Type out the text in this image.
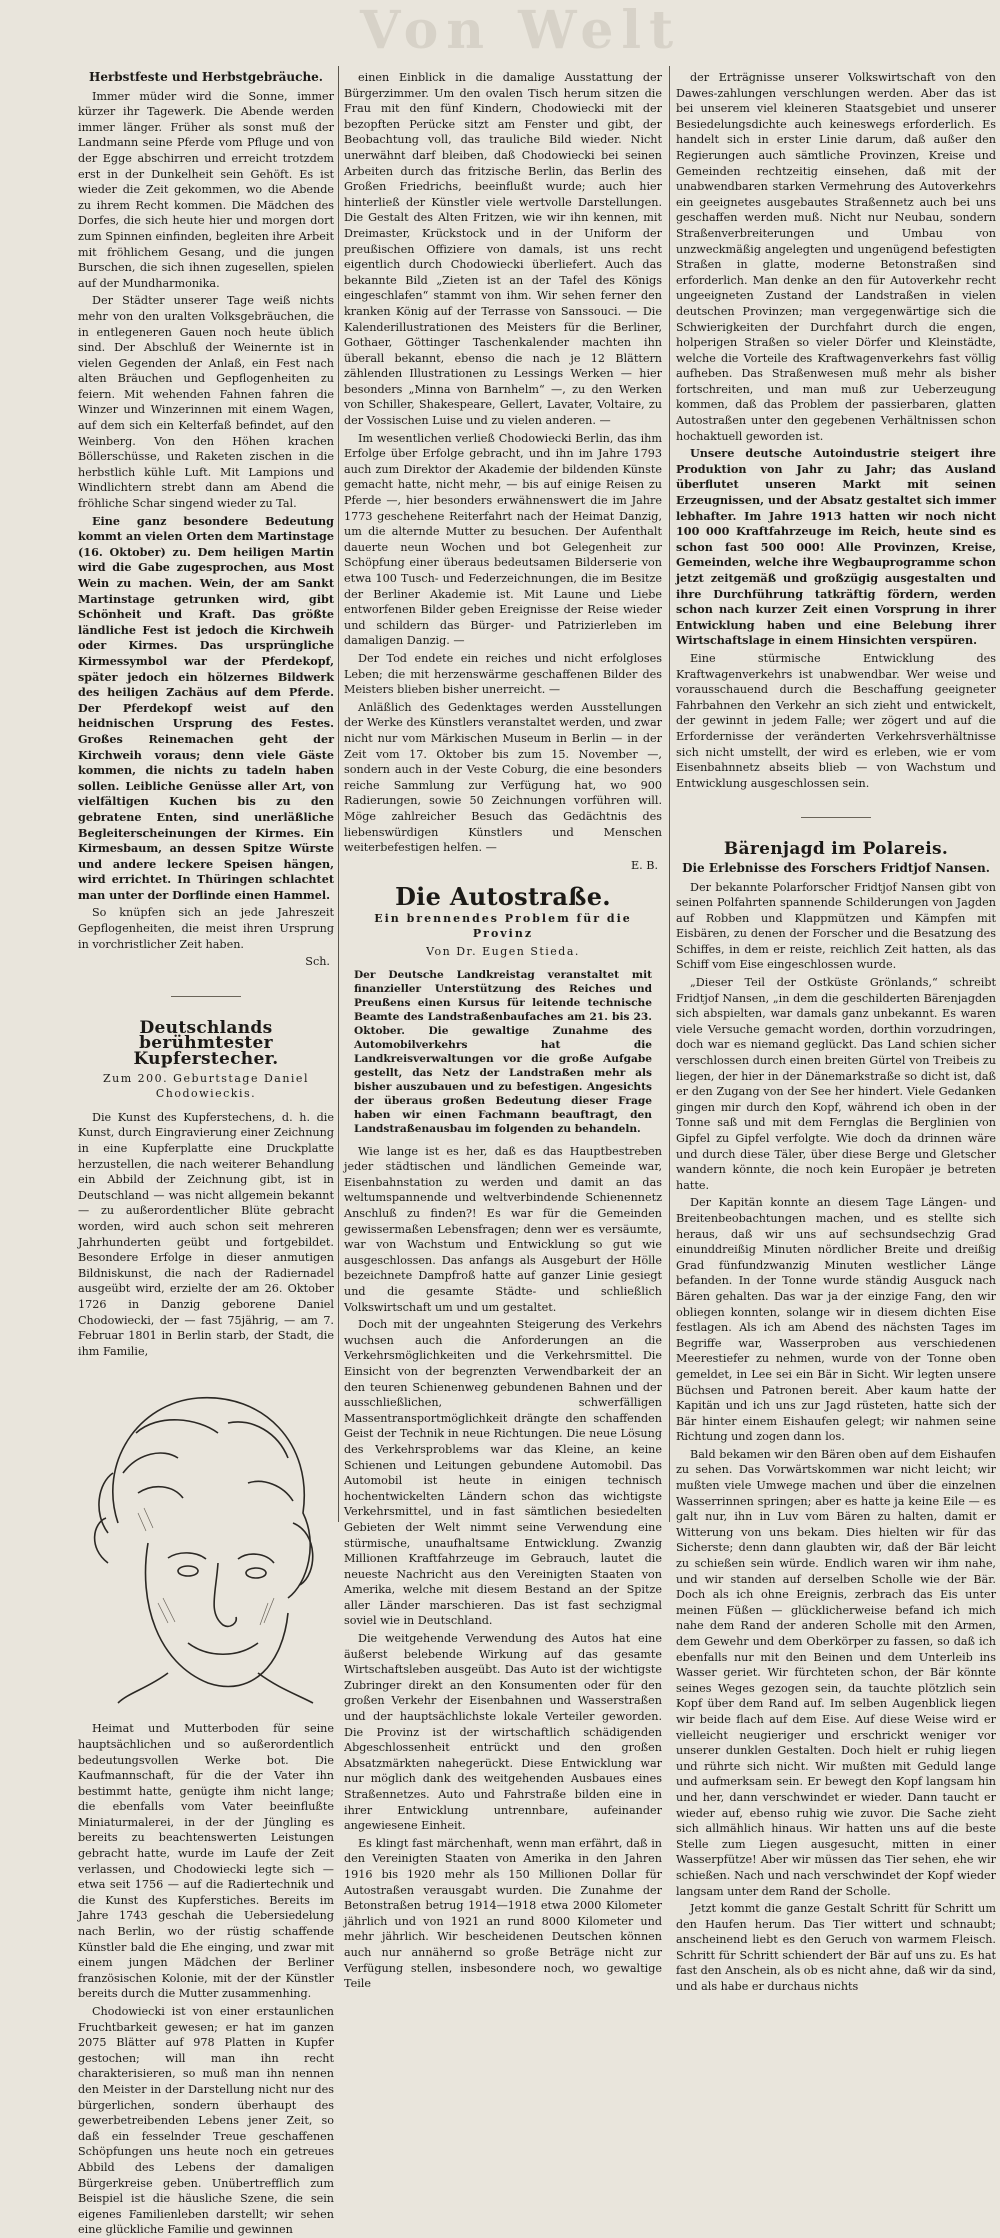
Von Welt
Herbstfeste und Herbstgebräuche.

Immer müder wird die Sonne, immer kürzer ihr Tagewerk. Die Abende werden immer länger. Früher als sonst muß der Landmann seine Pferde vom Pfluge und von der Egge abschirren und erreicht trotzdem erst in der Dunkelheit sein Gehöft. Es ist wieder die Zeit gekommen, wo die Abende zu ihrem Recht kommen. Die Mädchen des Dorfes, die sich heute hier und morgen dort zum Spinnen einfinden, begleiten ihre Arbeit mit fröhlichem Gesang, und die jungen Burschen, die sich ihnen zugesellen, spielen auf der Mundharmonika.

Der Städter unserer Tage weiß nichts mehr von den uralten Volksgebräuchen, die in entlegeneren Gauen noch heute üblich sind. Der Abschluß der Weinernte ist in vielen Gegenden der Anlaß, ein Fest nach alten Bräuchen und Gepflogenheiten zu feiern. Mit wehenden Fahnen fahren die Winzer und Winzerinnen mit einem Wagen, auf dem sich ein Kelterfaß befindet, auf den Weinberg. Von den Höhen krachen Böllerschüsse, und Raketen zischen in die herbstlich kühle Luft. Mit Lampions und Windlichtern strebt dann am Abend die fröhliche Schar singend wieder zu Tal.

Eine ganz besondere Bedeutung kommt an vielen Orten dem Martinstage (16. Oktober) zu. Dem heiligen Martin wird die Gabe zugesprochen, aus Most Wein zu machen. Wein, der am Sankt Martinstage getrunken wird, gibt Schönheit und Kraft. Das größte ländliche Fest ist jedoch die Kirchweih oder Kirmes. Das ursprüngliche Kirmessymbol war der Pferdekopf, später jedoch ein hölzernes Bildwerk des heiligen Zachäus auf dem Pferde. Der Pferdekopf weist auf den heidnischen Ursprung des Festes. Großes Reinemachen geht der Kirchweih voraus; denn viele Gäste kommen, die nichts zu tadeln haben sollen. Leibliche Genüsse aller Art, von vielfältigen Kuchen bis zu den gebratene Enten, sind unerläßliche Begleiterscheinungen der Kirmes. Ein Kirmesbaum, an dessen Spitze Würste und andere leckere Speisen hängen, wird errichtet. In Thüringen schlachtet man unter der Dorflinde einen Hammel.

So knüpfen sich an jede Jahreszeit Gepflogenheiten, die meist ihren Ursprung in vorchristlicher Zeit haben.

Sch.
Deutschlands berühmtester Kupferstecher.
Zum 200. Geburtstage Daniel Chodowieckis.

Die Kunst des Kupferstechens, d. h. die Kunst, durch Eingravierung einer Zeichnung in eine Kupferplatte eine Druckplatte herzustellen, die nach weiterer Behandlung ein Abbild der Zeichnung gibt, ist in Deutschland — was nicht allgemein bekannt — zu außerordentlicher Blüte gebracht worden, wird auch schon seit mehreren Jahrhunderten geübt und fortgebildet. Besondere Erfolge in dieser anmutigen Bildniskunst, die nach der Radiernadel ausgeübt wird, erzielte der am 26. Oktober 1726 in Danzig geborene Daniel Chodowiecki, der — fast 75jährig, — am 7. Februar 1801 in Berlin starb, der Stadt, die ihm Familie,

Heimat und Mutterboden für seine hauptsächlichen und so außerordentlich bedeutungsvollen Werke bot. Die Kaufmannschaft, für die der Vater ihn bestimmt hatte, genügte ihm nicht lange; die ebenfalls vom Vater beeinflußte Miniaturmalerei, in der der Jüngling es bereits zu beachtenswerten Leistungen gebracht hatte, wurde im Laufe der Zeit verlassen, und Chodowiecki legte sich — etwa seit 1756 — auf die Radiertechnik und die Kunst des Kupferstiches. Bereits im Jahre 1743 geschah die Uebersiedelung nach Berlin, wo der rüstig schaffende Künstler bald die Ehe einging, und zwar mit einem jungen Mädchen der Berliner französischen Kolonie, mit der der Künstler bereits durch die Mutter zusammenhing.

Chodowiecki ist von einer erstaunlichen Fruchtbarkeit gewesen; er hat im ganzen 2075 Blätter auf 978 Platten in Kupfer gestochen; will man ihn recht charakterisieren, so muß man ihn nennen den Meister in der Darstellung nicht nur des bürgerlichen, sondern überhaupt des gewerbetreibenden Lebens jener Zeit, so daß ein fesselnder Treue geschaffenen Schöpfungen uns heute noch ein getreues Abbild des Lebens der damaligen Bürgerkreise geben. Unübertrefflich zum Beispiel ist die häusliche Szene, die sein eigenes Familienleben darstellt; wir sehen eine glückliche Familie und gewinnen

einen Einblick in die damalige Ausstattung der Bürgerzimmer. Um den ovalen Tisch herum sitzen die Frau mit den fünf Kindern, Chodowiecki mit der bezopften Perücke sitzt am Fenster und gibt, der Beobachtung voll, das trauliche Bild wieder. Nicht unerwähnt darf bleiben, daß Chodowiecki bei seinen Arbeiten durch das fritzische Berlin, das Berlin des Großen Friedrichs, beeinflußt wurde; auch hier hinterließ der Künstler viele wertvolle Darstellungen. Die Gestalt des Alten Fritzen, wie wir ihn kennen, mit Dreimaster, Krückstock und in der Uniform der preußischen Offiziere von damals, ist uns recht eigentlich durch Chodowiecki überliefert. Auch das bekannte Bild „Zieten ist an der Tafel des Königs eingeschlafen“ stammt von ihm. Wir sehen ferner den kranken König auf der Terrasse von Sanssouci. — Die Kalenderillustrationen des Meisters für die Berliner, Gothaer, Göttinger Taschenkalender machten ihn überall bekannt, ebenso die nach je 12 Blättern zählenden Illustrationen zu Lessings Werken — hier besonders „Minna von Barnhelm“ —, zu den Werken von Schiller, Shakespeare, Gellert, Lavater, Voltaire, zu der Vossischen Luise und zu vielen anderen. —

Im wesentlichen verließ Chodowiecki Berlin, das ihm Erfolge über Erfolge gebracht, und ihn im Jahre 1793 auch zum Direktor der Akademie der bildenden Künste gemacht hatte, nicht mehr, — bis auf einige Reisen zu Pferde —, hier besonders erwähnenswert die im Jahre 1773 geschehene Reiterfahrt nach der Heimat Danzig, um die alternde Mutter zu besuchen. Der Aufenthalt dauerte neun Wochen und bot Gelegenheit zur Schöpfung einer überaus bedeutsamen Bilderserie von etwa 100 Tusch- und Federzeichnungen, die im Besitze der Berliner Akademie ist. Mit Laune und Liebe entworfenen Bilder geben Ereignisse der Reise wieder und schildern das Bürger- und Patrizierleben im damaligen Danzig. —

Der Tod endete ein reiches und nicht erfolgloses Leben; die mit herzenswärme geschaffenen Bilder des Meisters blieben bisher unerreicht. —

Anläßlich des Gedenktages werden Ausstellungen der Werke des Künstlers veranstaltet werden, und zwar nicht nur vom Märkischen Museum in Berlin — in der Zeit vom 17. Oktober bis zum 15. November —, sondern auch in der Veste Coburg, die eine besonders reiche Sammlung zur Verfügung hat, wo 900 Radierungen, sowie 50 Zeichnungen vorführen will. Möge zahlreicher Besuch das Gedächtnis des liebenswürdigen Künstlers und Menschen weiterbefestigen helfen. —

E. B.
Die Autostraße.
Ein brennendes Problem für die Provinz
Von Dr. Eugen Stieda.
Der Deutsche Landkreistag veranstaltet mit finanzieller Unterstützung des Reiches und Preußens einen Kursus für leitende technische Beamte des Landstraßenbaufaches am 21. bis 23. Oktober. Die gewaltige Zunahme des Automobilverkehrs hat die Landkreisverwaltungen vor die große Aufgabe gestellt, das Netz der Landstraßen mehr als bisher auszubauen und zu befestigen. Angesichts der überaus großen Bedeutung dieser Frage haben wir einen Fachmann beauftragt, den Landstraßenausbau im folgenden zu behandeln.

Wie lange ist es her, daß es das Hauptbestreben jeder städtischen und ländlichen Gemeinde war, Eisenbahnstation zu werden und damit an das weltumspannende und weltverbindende Schienennetz Anschluß zu finden?! Es war für die Gemeinden gewissermaßen Lebensfragen; denn wer es versäumte, war von Wachstum und Entwicklung so gut wie ausgeschlossen. Das anfangs als Ausgeburt der Hölle bezeichnete Dampfroß hatte auf ganzer Linie gesiegt und die gesamte Städte- und schließlich Volkswirtschaft um und um gestaltet.

Doch mit der ungeahnten Steigerung des Verkehrs wuchsen auch die Anforderungen an die Verkehrsmöglichkeiten und die Verkehrsmittel. Die Einsicht von der begrenzten Verwendbarkeit der an den teuren Schienenweg gebundenen Bahnen und der ausschließlichen, schwerfälligen Massentransportmöglichkeit drängte den schaffenden Geist der Technik in neue Richtungen. Die neue Lösung des Verkehrsproblems war das Kleine, an keine Schienen und Leitungen gebundene Automobil. Das Automobil ist heute in einigen technisch hochentwickelten Ländern schon das wichtigste Verkehrsmittel, und in fast sämtlichen besiedelten Gebieten der Welt nimmt seine Verwendung eine stürmische, unaufhaltsame Entwicklung. Zwanzig Millionen Kraftfahrzeuge im Gebrauch, lautet die neueste Nachricht aus den Vereinigten Staaten von Amerika, welche mit diesem Bestand an der Spitze aller Länder marschieren. Das ist fast sechzigmal soviel wie in Deutschland.

Die weitgehende Verwendung des Autos hat eine äußerst belebende Wirkung auf das gesamte Wirtschaftsleben ausgeübt. Das Auto ist der wichtigste Zubringer direkt an den Konsumenten oder für den großen Verkehr der Eisenbahnen und Wasserstraßen und der hauptsächlichste lokale Verteiler geworden. Die Provinz ist der wirtschaftlich schädigenden Abgeschlossenheit entrückt und den großen Absatzmärkten nahegerückt. Diese Entwicklung war nur möglich dank des weitgehenden Ausbaues eines Straßennetzes. Auto und Fahrstraße bilden eine in ihrer Entwicklung untrennbare, aufeinander angewiesene Einheit.

Es klingt fast märchenhaft, wenn man erfährt, daß in den Vereinigten Staaten von Amerika in den Jahren 1916 bis 1920 mehr als 150 Millionen Dollar für Autostraßen verausgabt wurden. Die Zunahme der Betonstraßen betrug 1914—1918 etwa 2000 Kilometer jährlich und von 1921 an rund 8000 Kilometer und mehr jährlich. Wir bescheidenen Deutschen können auch nur annähernd so große Beträge nicht zur Verfügung stellen, insbesondere noch, wo gewaltige Teile

der Erträgnisse unserer Volkswirtschaft von den Dawes-zahlungen verschlungen werden. Aber das ist bei unserem viel kleineren Staatsgebiet und unserer Besiedelungsdichte auch keineswegs erforderlich. Es handelt sich in erster Linie darum, daß außer den Regierungen auch sämtliche Provinzen, Kreise und Gemeinden rechtzeitig einsehen, daß mit der unabwendbaren starken Vermehrung des Autoverkehrs ein geeignetes ausgebautes Straßennetz auch bei uns geschaffen werden muß. Nicht nur Neubau, sondern Straßenverbreiterungen und Umbau von unzweckmäßig angelegten und ungenügend befestigten Straßen in glatte, moderne Betonstraßen sind erforderlich. Man denke an den für Autoverkehr recht ungeeigneten Zustand der Landstraßen in vielen deutschen Provinzen; man vergegenwärtige sich die Schwierigkeiten der Durchfahrt durch die engen, holperigen Straßen so vieler Dörfer und Kleinstädte, welche die Vorteile des Kraftwagenverkehrs fast völlig aufheben. Das Straßenwesen muß mehr als bisher fortschreiten, und man muß zur Ueberzeugung kommen, daß das Problem der passierbaren, glatten Autostraßen unter den gegebenen Verhältnissen schon hochaktuell geworden ist.

Unsere deutsche Autoindustrie steigert ihre Produktion von Jahr zu Jahr; das Ausland überflutet unseren Markt mit seinen Erzeugnissen, und der Absatz gestaltet sich immer lebhafter. Im Jahre 1913 hatten wir noch nicht 100 000 Kraftfahrzeuge im Reich, heute sind es schon fast 500 000! Alle Provinzen, Kreise, Gemeinden, welche ihre Wegbauprogramme schon jetzt zeitgemäß und großzügig ausgestalten und ihre Durchführung tatkräftig fördern, werden schon nach kurzer Zeit einen Vorsprung in ihrer Entwicklung haben und eine Belebung ihrer Wirtschaftslage in einem Hinsichten verspüren.

Eine stürmische Entwicklung des Kraftwagenverkehrs ist unabwendbar. Wer weise und vorausschauend durch die Beschaffung geeigneter Fahrbahnen den Verkehr an sich zieht und entwickelt, der gewinnt in jedem Falle; wer zögert und auf die Erfordernisse der veränderten Verkehrsverhältnisse sich nicht umstellt, der wird es erleben, wie er vom Eisenbahnnetz abseits blieb — von Wachstum und Entwicklung ausgeschlossen sein.

Bärenjagd im Polareis.
Die Erlebnisse des Forschers Fridtjof Nansen.

Der bekannte Polarforscher Fridtjof Nansen gibt von seinen Polfahrten spannende Schilderungen von Jagden auf Robben und Klappmützen und Kämpfen mit Eisbären, zu denen der Forscher und die Besatzung des Schiffes, in dem er reiste, reichlich Zeit hatten, als das Schiff vom Eise eingeschlossen wurde.

„Dieser Teil der Ostküste Grönlands,“ schreibt Fridtjof Nansen, „in dem die geschilderten Bärenjagden sich abspielten, war damals ganz unbekannt. Es waren viele Versuche gemacht worden, dorthin vorzudringen, doch war es niemand geglückt. Das Land schien sicher verschlossen durch einen breiten Gürtel von Treibeis zu liegen, der hier in der Dänemarkstraße so dicht ist, daß er den Zugang von der See her hindert. Viele Gedanken gingen mir durch den Kopf, während ich oben in der Tonne saß und mit dem Fernglas die Berglinien von Gipfel zu Gipfel verfolgte. Wie doch da drinnen wäre und durch diese Täler, über diese Berge und Gletscher wandern könnte, die noch kein Europäer je betreten hatte.

Der Kapitän konnte an diesem Tage Längen- und Breitenbeobachtungen machen, und es stellte sich heraus, daß wir uns auf sechsundsechzig Grad einunddreißig Minuten nördlicher Breite und dreißig Grad fünfundzwanzig Minuten westlicher Länge befanden. In der Tonne wurde ständig Ausguck nach Bären gehalten. Das war ja der einzige Fang, den wir obliegen konnten, solange wir in diesem dichten Eise festlagen. Als ich am Abend des nächsten Tages im Begriffe war, Wasserproben aus verschiedenen Meerestiefer zu nehmen, wurde von der Tonne oben gemeldet, in Lee sei ein Bär in Sicht. Wir legten unsere Büchsen und Patronen bereit. Aber kaum hatte der Kapitän und ich uns zur Jagd rüsteten, hatte sich der Bär hinter einem Eishaufen gelegt; wir nahmen seine Richtung und zogen dann los.

Bald bekamen wir den Bären oben auf dem Eishaufen zu sehen. Das Vorwärtskommen war nicht leicht; wir mußten viele Umwege machen und über die einzelnen Wasserrinnen springen; aber es hatte ja keine Eile — es galt nur, ihn in Luv vom Bären zu halten, damit er Witterung von uns bekam. Dies hielten wir für das Sicherste; denn dann glaubten wir, daß der Bär leicht zu schießen sein würde. Endlich waren wir ihm nahe, und wir standen auf derselben Scholle wie der Bär. Doch als ich ohne Ereignis, zerbrach das Eis unter meinen Füßen — glücklicherweise befand ich mich nahe dem Rand der anderen Scholle mit den Armen, dem Gewehr und dem Oberkörper zu fassen, so daß ich ebenfalls nur mit den Beinen und dem Unterleib ins Wasser geriet. Wir fürchteten schon, der Bär könnte seines Weges gezogen sein, da tauchte plötzlich sein Kopf über dem Rand auf. Im selben Augenblick liegen wir beide flach auf dem Eise. Auf diese Weise wird er vielleicht neugieriger und erschrickt weniger vor unserer dunklen Gestalten. Doch hielt er ruhig liegen und rührte sich nicht. Wir mußten mit Geduld lange und aufmerksam sein. Er bewegt den Kopf langsam hin und her, dann verschwindet er wieder. Dann taucht er wieder auf, ebenso ruhig wie zuvor. Die Sache zieht sich allmählich hinaus. Wir hatten uns auf die beste Stelle zum Liegen ausgesucht, mitten in einer Wasserpfütze! Aber wir müssen das Tier sehen, ehe wir schießen. Nach und nach verschwindet der Kopf wieder langsam unter dem Rand der Scholle.

Jetzt kommt die ganze Gestalt Schritt für Schritt um den Haufen herum. Das Tier wittert und schnaubt; anscheinend liebt es den Geruch von warmem Fleisch. Schritt für Schritt schiendert der Bär auf uns zu. Es hat fast den Anschein, als ob es nicht ahne, daß wir da sind, und als habe er durchaus nichts
